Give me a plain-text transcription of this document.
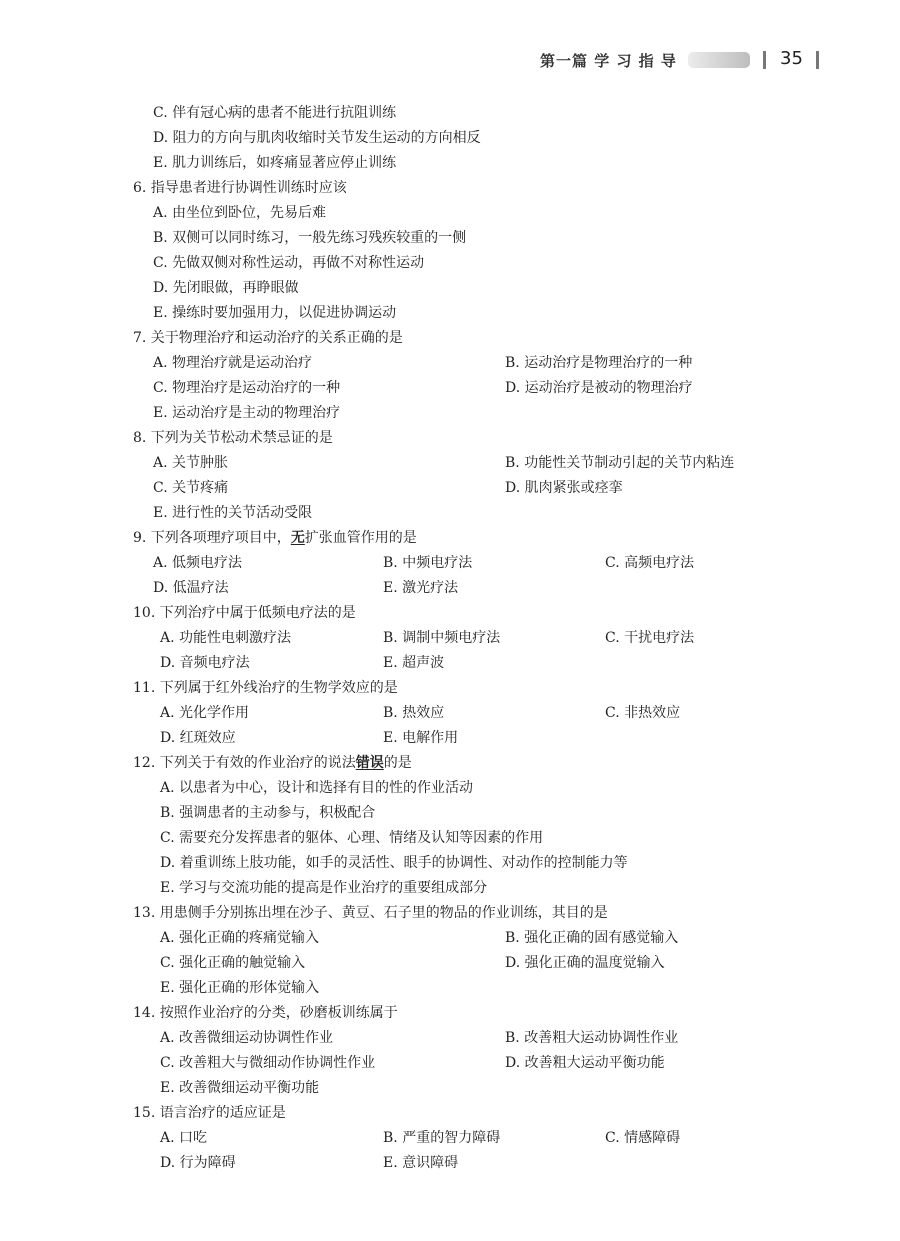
第一篇 学 习 指 导	35
C. 伴有冠心病的患者不能进行抗阻训练
D. 阻力的方向与肌肉收缩时关节发生运动的方向相反
E. 肌力训练后，如疼痛显著应停止训练
6. 指导患者进行协调性训练时应该
A. 由坐位到卧位，先易后难
B. 双侧可以同时练习，一般先练习残疾较重的一侧
C. 先做双侧对称性运动，再做不对称性运动
D. 先闭眼做，再睁眼做
E. 操练时要加强用力，以促进协调运动
7. 关于物理治疗和运动治疗的关系正确的是
A. 物理治疗就是运动治疗	B. 运动治疗是物理治疗的一种
C. 物理治疗是运动治疗的一种	D. 运动治疗是被动的物理治疗
E. 运动治疗是主动的物理治疗
8. 下列为关节松动术禁忌证的是
A. 关节肿胀	B. 功能性关节制动引起的关节内粘连
C. 关节疼痛	D. 肌肉紧张或痉挛
E. 进行性的关节活动受限
9. 下列各项理疗项目中，无扩张血管作用的是
A. 低频电疗法	B. 中频电疗法	C. 高频电疗法
D. 低温疗法	E. 激光疗法
10. 下列治疗中属于低频电疗法的是
A. 功能性电刺激疗法	B. 调制中频电疗法	C. 干扰电疗法
D. 音频电疗法	E. 超声波
11. 下列属于红外线治疗的生物学效应的是
A. 光化学作用	B. 热效应	C. 非热效应
D. 红斑效应	E. 电解作用
12. 下列关于有效的作业治疗的说法错误的是
A. 以患者为中心，设计和选择有目的性的作业活动
B. 强调患者的主动参与，积极配合
C. 需要充分发挥患者的躯体、心理、情绪及认知等因素的作用
D. 着重训练上肢功能，如手的灵活性、眼手的协调性、对动作的控制能力等
E. 学习与交流功能的提高是作业治疗的重要组成部分
13. 用患侧手分别拣出埋在沙子、黄豆、石子里的物品的作业训练，其目的是
A. 强化正确的疼痛觉输入	B. 强化正确的固有感觉输入
C. 强化正确的触觉输入	D. 强化正确的温度觉输入
E. 强化正确的形体觉输入
14. 按照作业治疗的分类，砂磨板训练属于
A. 改善微细运动协调性作业	B. 改善粗大运动协调性作业
C. 改善粗大与微细动作协调性作业	D. 改善粗大运动平衡功能
E. 改善微细运动平衡功能
15. 语言治疗的适应证是
A. 口吃	B. 严重的智力障碍	C. 情感障碍
D. 行为障碍	E. 意识障碍
